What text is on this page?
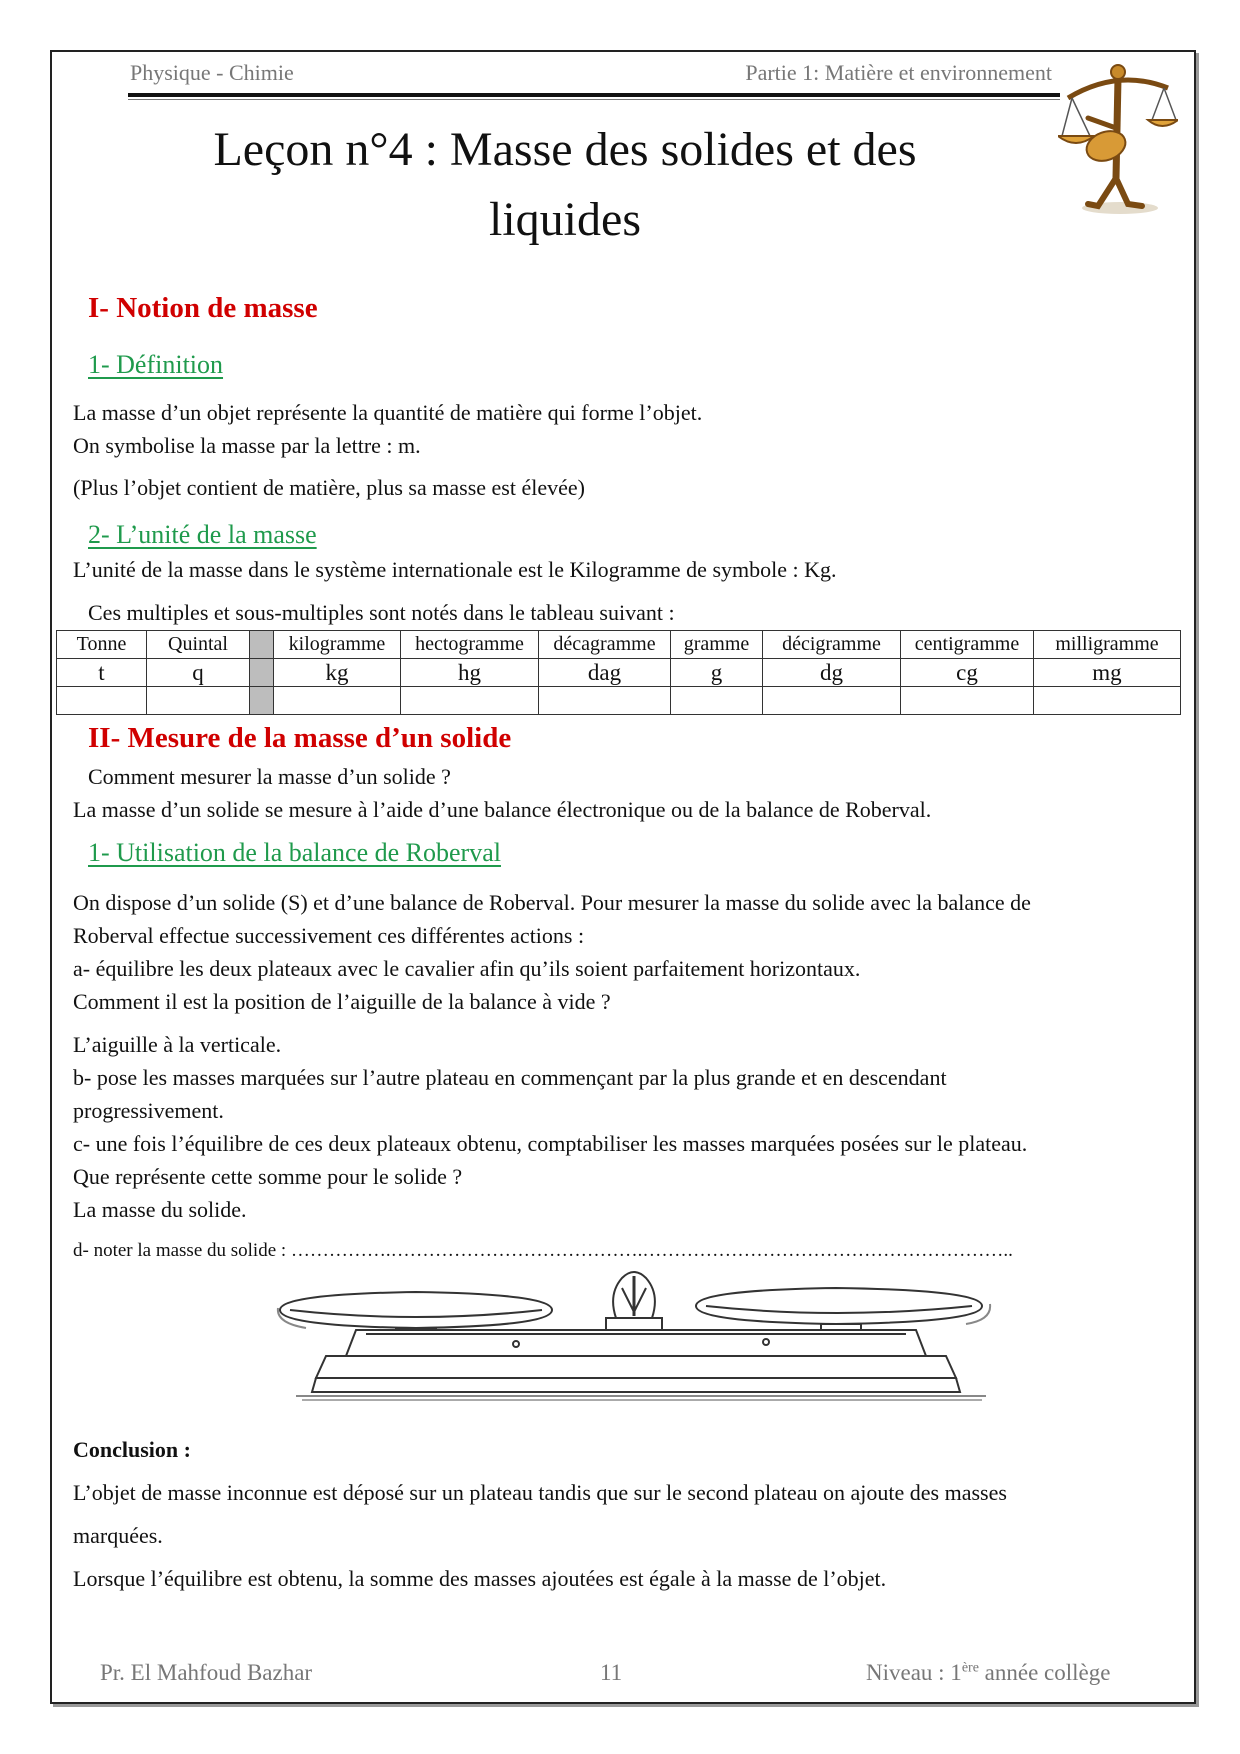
Physique - Chimie	Partie 1: Matière et environnement
Leçon n°4 : Masse des solides et des
liquides
I- Notion de masse
1- Définition
La masse d’un objet représente la quantité de matière qui forme l’objet.
On symbolise la masse par la lettre : m.
(Plus l’objet contient de matière, plus sa masse est élevée)
2- L’unité de la masse
L’unité de la masse dans le système internationale est le Kilogramme de symbole : Kg.
Ces multiples et sous-multiples sont notés dans le tableau suivant :
Tonne	Quintal		kilogramme	hectogramme	décagramme	gramme	décigramme	centigramme	milligramme
t	q		kg	hg	dag	g	dg	cg	mg

II- Mesure de la masse d’un solide
Comment mesurer la masse d’un solide ?
La masse d’un solide se mesure à l’aide d’une balance électronique ou de la balance de Roberval.
1- Utilisation de la balance de Roberval
On dispose d’un solide (S) et d’une balance de Roberval. Pour mesurer la masse du solide avec la balance de
Roberval effectue successivement ces différentes actions :
a- équilibre les deux plateaux avec le cavalier afin qu’ils soient parfaitement horizontaux.
Comment il est la position de l’aiguille de la balance à vide ?
L’aiguille à la verticale.
b- pose les masses marquées sur l’autre plateau en commençant par la plus grande et en descendant
progressivement.
c- une fois l’équilibre de ces deux plateaux obtenu, comptabiliser les masses marquées posées sur le plateau.
Que représente cette somme pour le solide ?
La masse du solide.
d- noter la masse du solide : …………….………………………………….…………………………………………………..
Conclusion :
L’objet de masse inconnue est déposé sur un plateau tandis que sur le second plateau on ajoute des masses
marquées.
Lorsque l’équilibre est obtenu, la somme des masses ajoutées est égale à la masse de l’objet.
Pr. El Mahfoud Bazhar	11	Niveau : 1ère année collège
